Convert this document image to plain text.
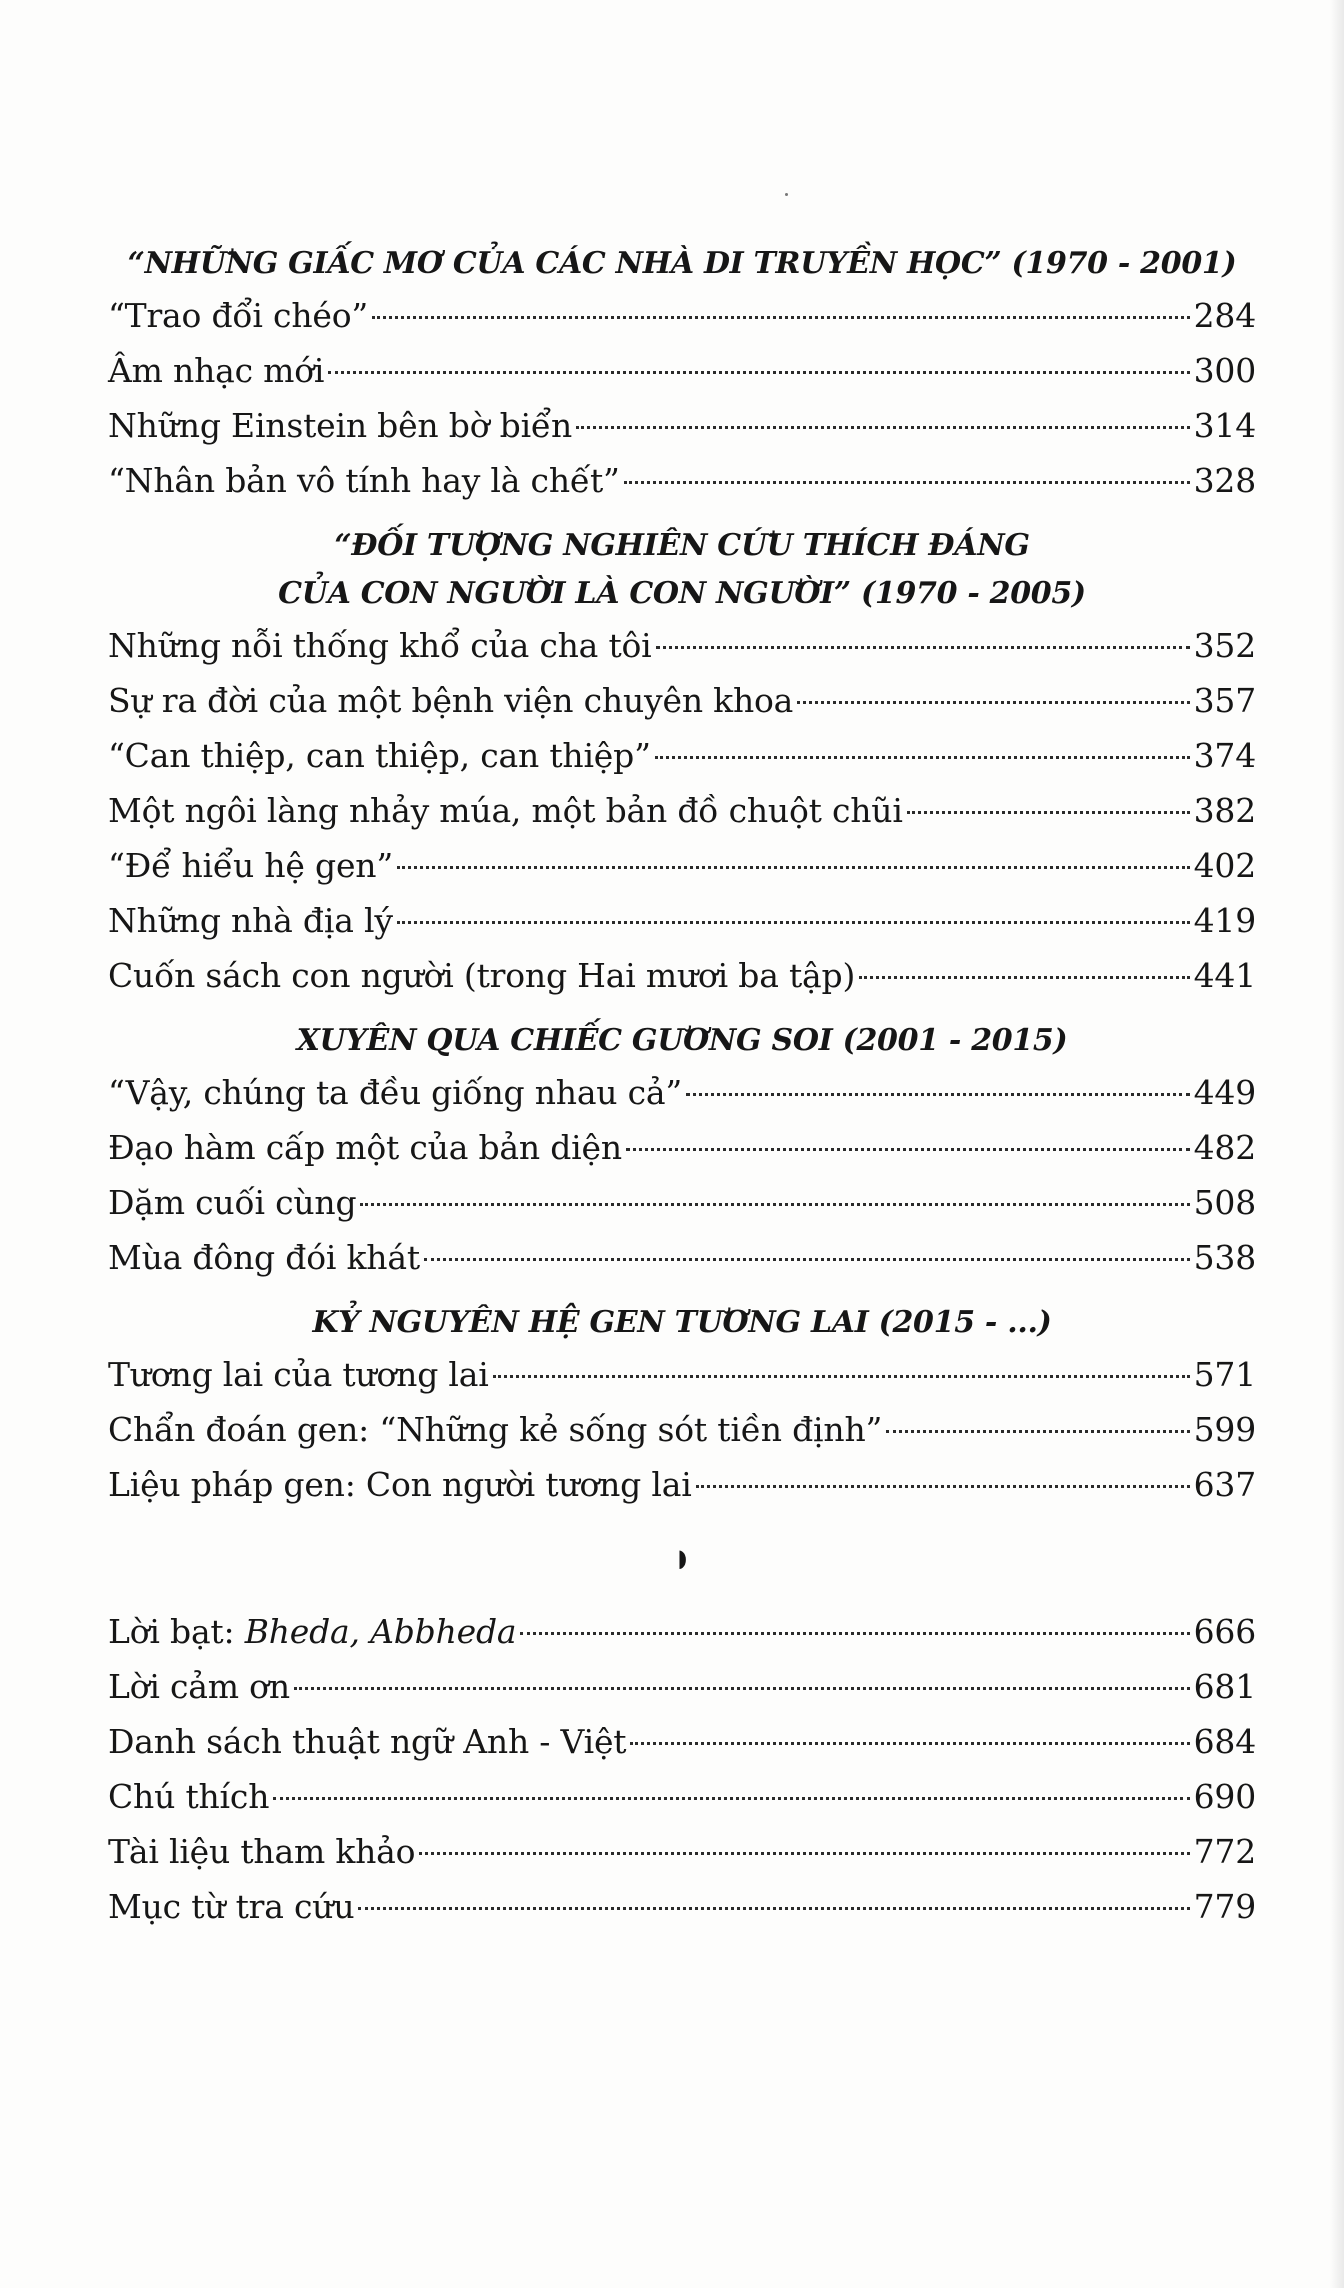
“NHỮNG GIẤC MƠ CỦA CÁC NHÀ DI TRUYỀN HỌC” (1970 - 2001)
“Trao đổi chéo”	284
Âm nhạc mới	300
Những Einstein bên bờ biển	314
“Nhân bản vô tính hay là chết”	328
“ĐỐI TƯỢNG NGHIÊN CỨU THÍCH ĐÁNG
CỦA CON NGƯỜI LÀ CON NGƯỜI” (1970 - 2005)
Những nỗi thống khổ của cha tôi	352
Sự ra đời của một bệnh viện chuyên khoa	357
“Can thiệp, can thiệp, can thiệp”	374
Một ngôi làng nhảy múa, một bản đồ chuột chũi	382
“Để hiểu hệ gen”	402
Những nhà địa lý	419
Cuốn sách con người (trong Hai mươi ba tập)	441
XUYÊN QUA CHIẾC GƯƠNG SOI (2001 - 2015)
“Vậy, chúng ta đều giống nhau cả”	449
Đạo hàm cấp một của bản diện	482
Dặm cuối cùng	508
Mùa đông đói khát	538
KỶ NGUYÊN HỆ GEN TƯƠNG LAI (2015 - ...)
Tương lai của tương lai	571
Chẩn đoán gen: “Những kẻ sống sót tiền định”	599
Liệu pháp gen: Con người tương lai	637
◗
Lời bạt: Bheda, Abbheda	666
Lời cảm ơn	681
Danh sách thuật ngữ Anh - Việt	684
Chú thích	690
Tài liệu tham khảo	772
Mục từ tra cứu	779
